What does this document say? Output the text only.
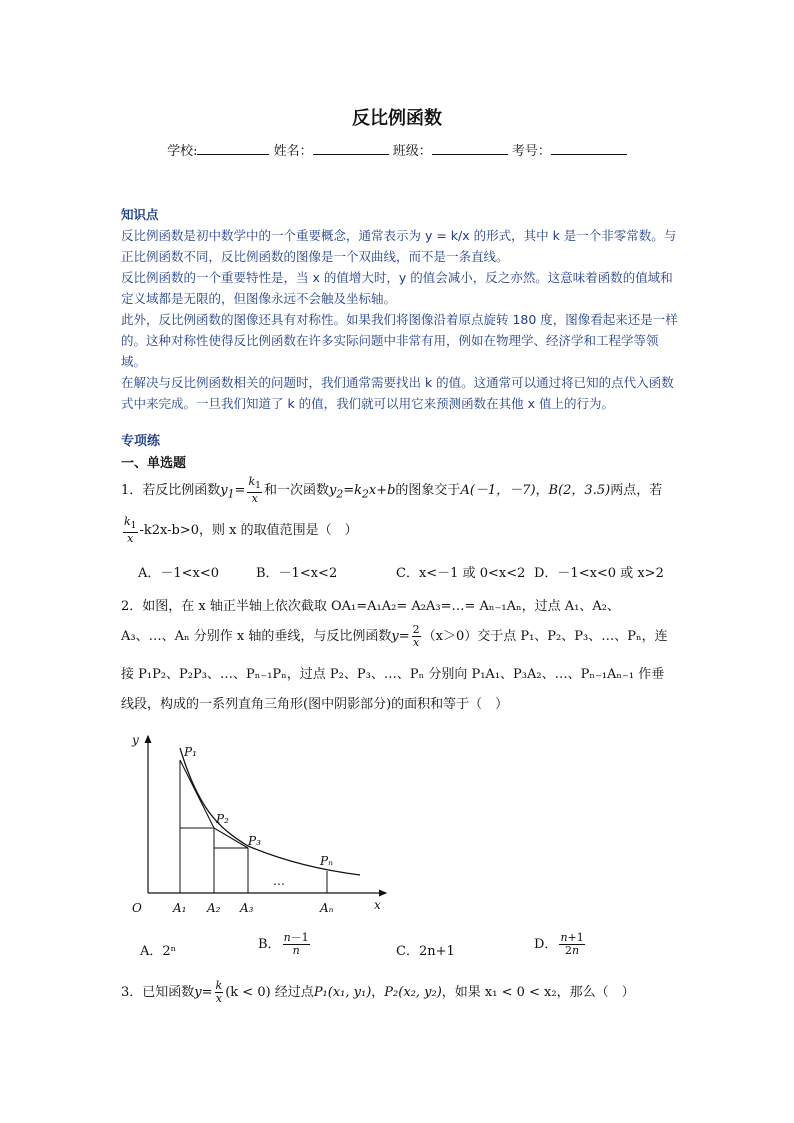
反比例函数
学校:	姓名：	班级：	考号：

知识点

反比例函数是初中数学中的一个重要概念，通常表示为 y = k/x 的形式，其中 k 是一个非零常数。与正比例函数不同，反比例函数的图像是一个双曲线，而不是一条直线。

反比例函数的一个重要特性是，当 x 的值增大时，y 的值会减小，反之亦然。这意味着函数的值域和定义域都是无限的，但图像永远不会触及坐标轴。

此外，反比例函数的图像还具有对称性。如果我们将图像沿着原点旋转 180 度，图像看起来还是一样的。这种对称性使得反比例函数在许多实际问题中非常有用，例如在物理学、经济学和工程学等领域。

在解决与反比例函数相关的问题时，我们通常需要找出 k 的值。这通常可以通过将已知的点代入函数式中来完成。一旦我们知道了 k 的值，我们就可以用它来预测函数在其他 x 值上的行为。

专项练
一、单选题
1．若反比例函数$y_1= \frac{k_1}{x}$ 和一次函数$y_2=k_2x+b$的图象交于A(－1，－7)，B(2，3.5)两点，若
$\frac{k_1}{x} -k2x-b>0$，则 x 的取值范围是（　）
A．－1<x<0	B．－1<x<2	C．x<－1 或 0<x<2 D．－1<x<0 或 x>2
2．如图，在 x 轴正半轴上依次截取 OA₁=A₁A₂= A₂A₃=…= Aₙ₋₁Aₙ，过点 A₁、A₂、
A₃、…、Aₙ 分别作 x 轴的垂线，与反比例函数$y= \frac{2}{x} (x>0)$交于点 P₁、P₂、P₃、…、Pₙ，连
接 P₁P₂、P₂P₃、…、Pₙ₋₁Pₙ，过点 P₂、P₃、…、Pₙ 分别向 P₁A₁、P₃A₂、…、Pₙ₋₁Aₙ₋₁ 作垂
线段，构成的一系列直角三角形(图中阴影部分)的面积和等于（　）
y
x
O
P₁
P₂
P₃
Pₙ
A₁ A₂ A₃	Aₙ
…
A．2ⁿ	B． $\frac{n-1}{n}$	C．2n+1	D． $\frac{n+1}{2n}$
3．已知函数$y= \frac{k}{x} (k < 0)$ 经过点P₁(x₁, y₁)，P₂(x₂, y₂)，如果 x₁ < 0 < x₂，那么（　）
